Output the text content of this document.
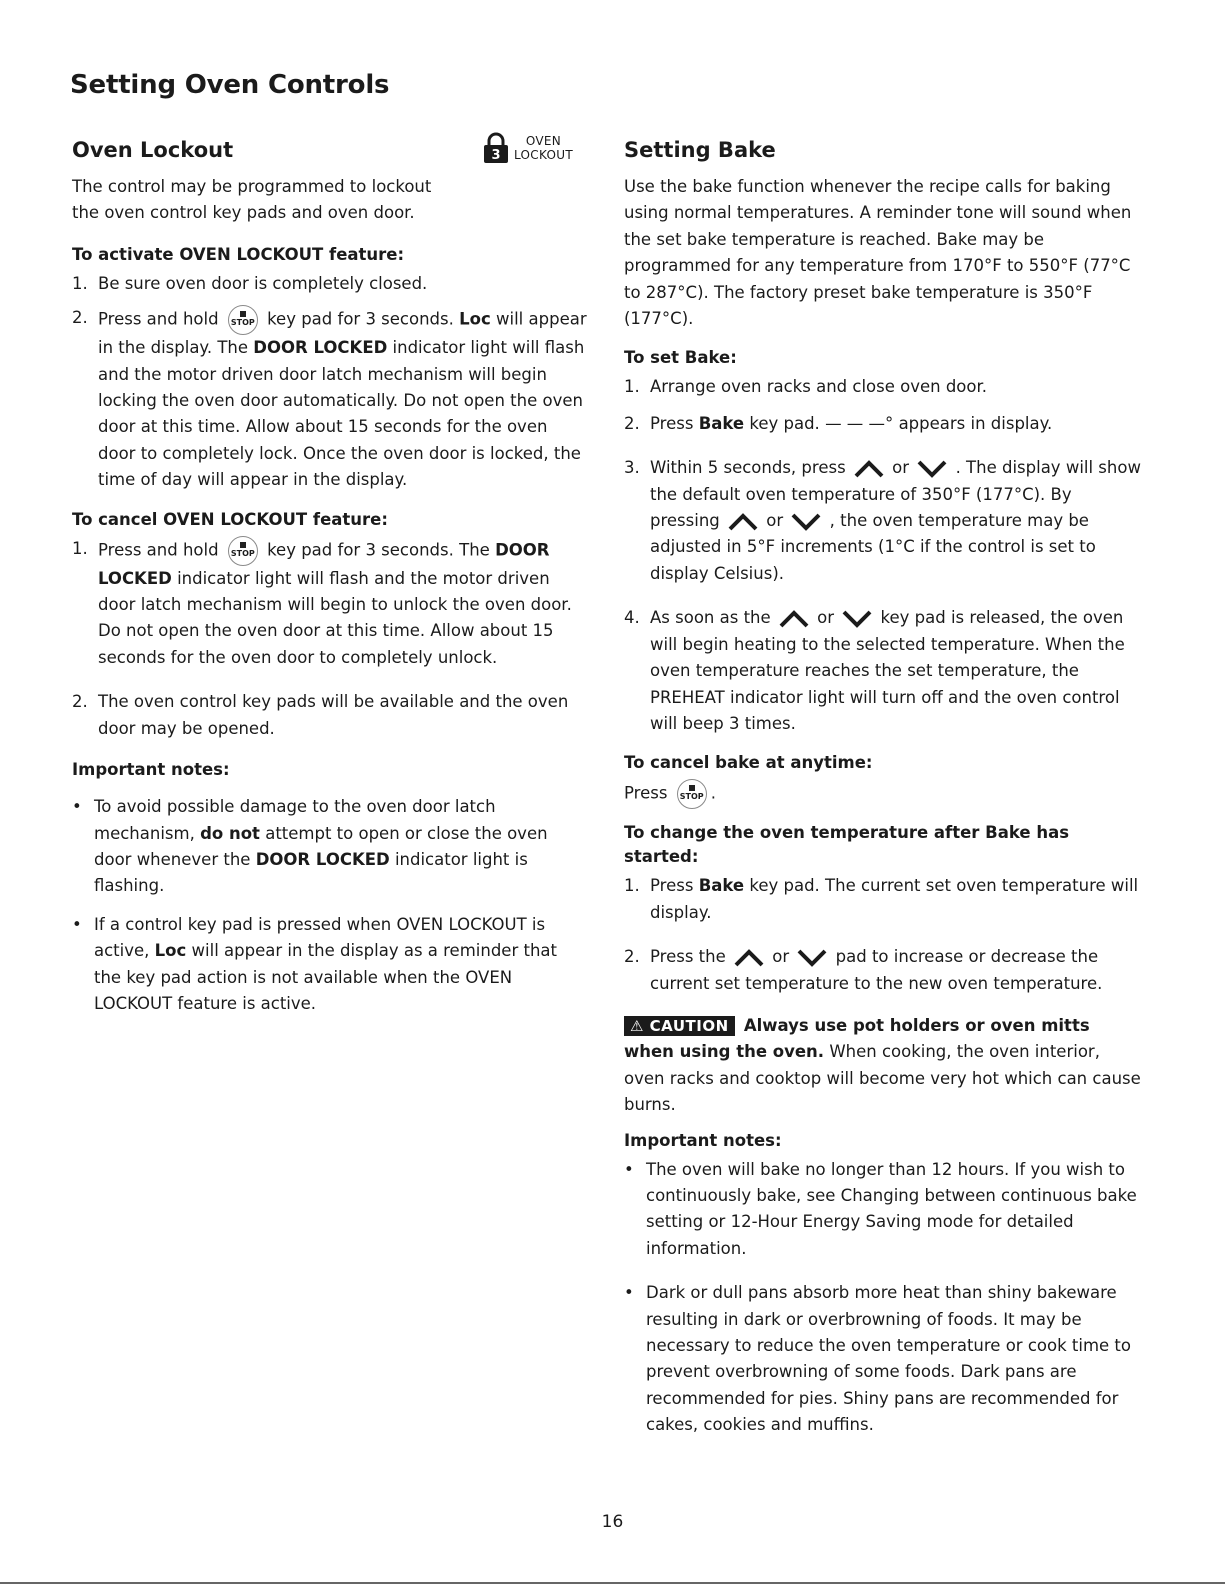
Setting Oven Controls
3
OVEN
LOCKOUT
Oven Lockout

The control may be programmed to lockout the oven control key pads and oven door.

To activate OVEN LOCKOUT feature:
1. Be sure oven door is completely closed.
2. Press and hold STOP key pad for 3 seconds. Loc will appear in the display. The DOOR LOCKED indicator light will flash and the motor driven door latch mechanism will begin locking the oven door automatically. Do not open the oven door at this time. Allow about 15 seconds for the oven door to completely lock. Once the oven door is locked, the time of day will appear in the display.
To cancel OVEN LOCKOUT feature:
1. Press and hold STOP key pad for 3 seconds. The DOOR LOCKED indicator light will flash and the motor driven door latch mechanism will begin to unlock the oven door. Do not open the oven door at this time. Allow about 15 seconds for the oven door to completely unlock.
2. The oven control key pads will be available and the oven door may be opened.
Important notes:
• To avoid possible damage to the oven door latch mechanism, do not attempt to open or close the oven door whenever the DOOR LOCKED indicator light is flashing.
• If a control key pad is pressed when OVEN LOCKOUT is active, Loc will appear in the display as a reminder that the key pad action is not available when the OVEN LOCKOUT feature is active.
Setting Bake

Use the bake function whenever the recipe calls for baking using normal temperatures. A reminder tone will sound when the set bake temperature is reached. Bake may be programmed for any temperature from 170°F to 550°F (77°C to 287°C). The factory preset bake temperature is 350°F (177°C).

To set Bake:
1. Arrange oven racks and close oven door.
2. Press Bake key pad. — — —° appears in display.
3. Within 5 seconds, press	or	. The display will show the default oven temperature of 350°F (177°C). By pressing	or	, the oven temperature may be adjusted in 5°F increments (1°C if the control is set to display Celsius).
4. As soon as the	or	key pad is released, the oven will begin heating to the selected temperature. When the oven temperature reaches the set temperature, the PREHEAT indicator light will turn off and the oven control will beep 3 times.
To cancel bake at anytime:

Press STOP .

To change the oven temperature after Bake has started:
1. Press Bake key pad. The current set oven temperature will display.
2. Press the	or	pad to increase or decrease the current set temperature to the new oven temperature.

⚠ CAUTION Always use pot holders or oven mitts when using the oven. When cooking, the oven interior, oven racks and cooktop will become very hot which can cause burns.

Important notes:
• The oven will bake no longer than 12 hours. If you wish to continuously bake, see Changing between continuous bake setting or 12-Hour Energy Saving mode for detailed information.
• Dark or dull pans absorb more heat than shiny bakeware resulting in dark or overbrowning of foods. It may be necessary to reduce the oven temperature or cook time to prevent overbrowning of some foods. Dark pans are recommended for pies. Shiny pans are recommended for cakes, cookies and muffins.
16
